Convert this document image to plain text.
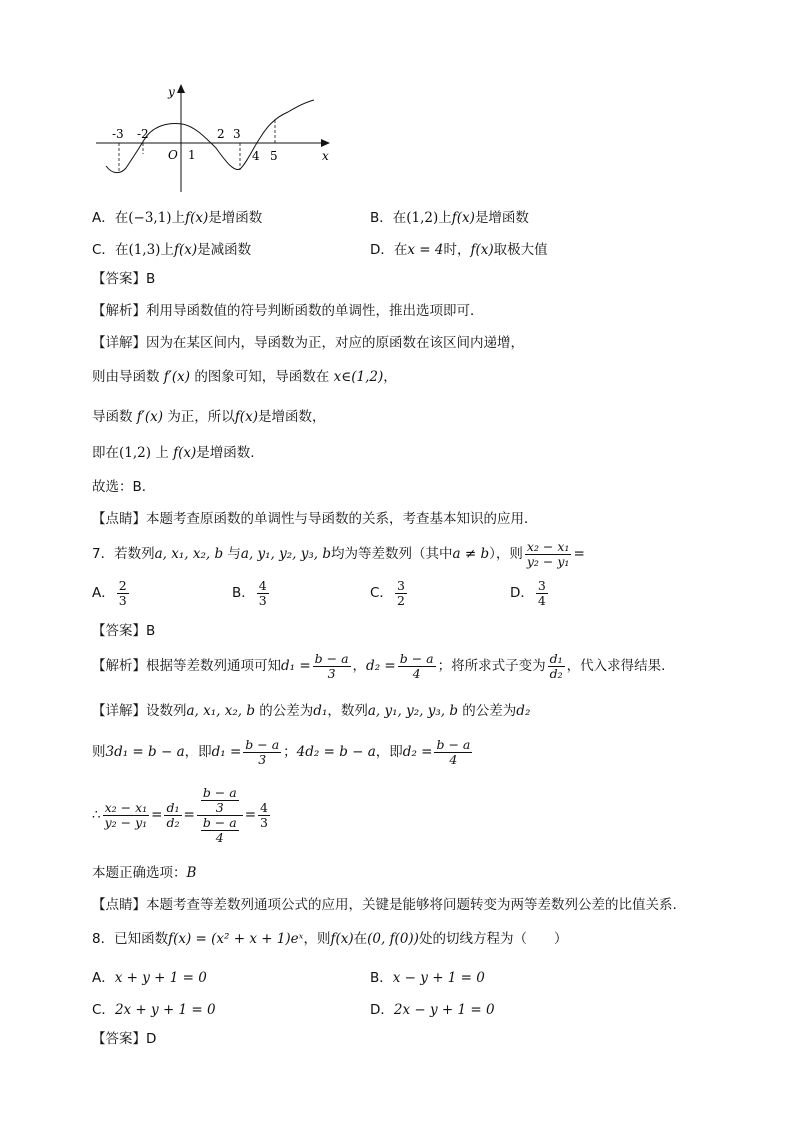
y
x
O
-3 -2
1
2 3
4 5
A．在(−3,1)上f(x)是增函数	B．在(1,2)上f(x)是增函数
C．在(1,3)上f(x)是减函数	D．在x = 4时，f(x)取极大值
【答案】B
【解析】利用导函数值的符号判断函数的单调性，推出选项即可．
【详解】因为在某区间内，导函数为正，对应的原函数在该区间内递增，
则由导函数 f′(x) 的图象可知，导函数在 x∈(1,2)，
导函数 f′(x) 为正，所以f(x)是增函数，
即在(1,2) 上 f(x)是增函数.
故选：B．
【点睛】本题考查原函数的单调性与导函数的关系，考查基本知识的应用．
7．若数列a, x₁, x₂, b 与a, y₁, y₂, y₃, b均为等差数列（其中a ≠ b），则 $\frac{\text{x₂ − x₁}}{\text{y₂ − y₁}}$ =
A． $\frac{2}{3}$	B． $\frac{4}{3}$	C． $\frac{3}{2}$	D． $\frac{3}{4}$
【答案】B
【解析】根据等差数列通项可知$d_1 = \frac{b - a}{3}$ ，$d_2 = \frac{b - a}{4}$ ；将所求式子变为 $\frac{\text{d₁}}{\text{d₂}}$ ，代入求得结果.
【详解】设数列a, x₁, x₂, b 的公差为d₁，数列a, y₁, y₂, y₃, b 的公差为d₂
则3d₁ = b − a，即$d_1 = \frac{b - a}{3}$ ；4d₂ = b − a，即$d_2 = \frac{b - a}{4}$
∴ $\frac{\text{x₂ − x₁}}{\text{y₂ − y₁}} = \frac{\text{d₁}}{\text{d₂}} = \frac{\frac{b - a}{3}}{\frac{b - a}{4}} = \frac{4}{3}$
本题正确选项：B
【点睛】本题考查等差数列通项公式的应用，关键是能够将问题转变为两等差数列公差的比值关系.
8．已知函数f(x) = (x² + x + 1)eˣ，则f(x)在(0, f(0))处的切线方程为（　　）
A．x + y + 1 = 0	B．x − y + 1 = 0
C．2x + y + 1 = 0	D．2x − y + 1 = 0
【答案】D
